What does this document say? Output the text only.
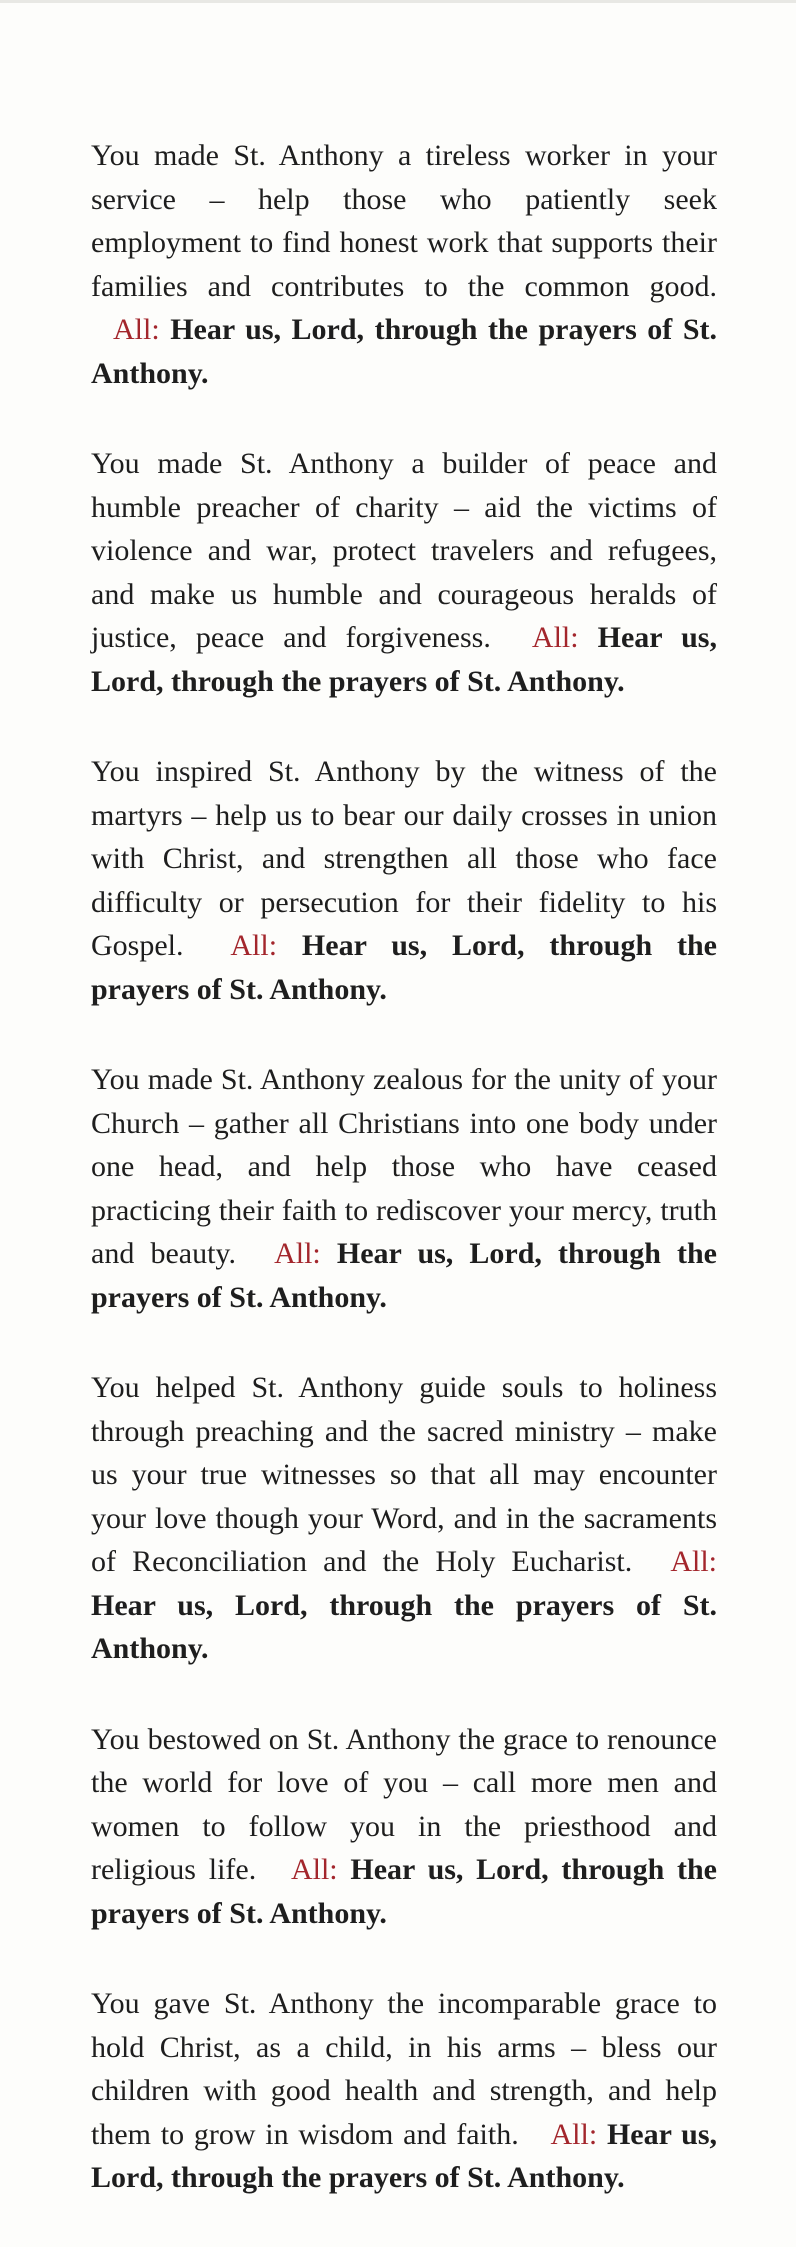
You made St. Anthony a tireless worker in your service – help those who patiently seek employment to find honest work that supports their families and contributes to the common good. All: Hear us, Lord, through the prayers of St. Anthony.

You made St. Anthony a builder of peace and humble preacher of charity – aid the victims of violence and war, protect travelers and refugees, and make us humble and courageous heralds of justice, peace and forgiveness. All: Hear us, Lord, through the prayers of St. Anthony.

You inspired St. Anthony by the witness of the martyrs – help us to bear our daily crosses in union with Christ, and strengthen all those who face difficulty or persecution for their fidelity to his Gospel. All: Hear us, Lord, through the prayers of St. Anthony.

You made St. Anthony zealous for the unity of your Church – gather all Christians into one body under one head, and help those who have ceased practicing their faith to rediscover your mercy, truth and beauty. All: Hear us, Lord, through the prayers of St. Anthony.

You helped St. Anthony guide souls to holiness through preaching and the sacred ministry – make us your true witnesses so that all may encounter your love though your Word, and in the sacraments of Reconciliation and the Holy Eucharist. All: Hear us, Lord, through the prayers of St. Anthony.

You bestowed on St. Anthony the grace to renounce the world for love of you – call more men and women to follow you in the priesthood and religious life. All: Hear us, Lord, through the prayers of St. Anthony.

You gave St. Anthony the incomparable grace to hold Christ, as a child, in his arms – bless our children with good health and strength, and help them to grow in wisdom and faith. All: Hear us, Lord, through the prayers of St. Anthony.
